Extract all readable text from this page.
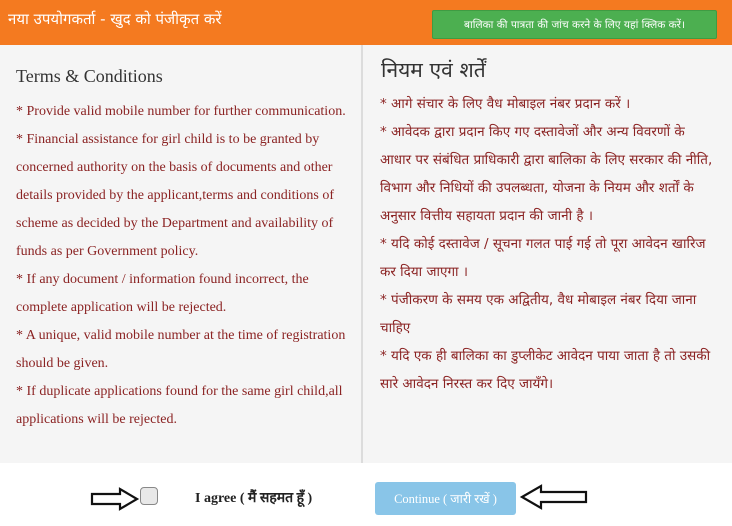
नया उपयोगकर्ता - खुद को पंजीकृत करें	बालिका की पात्रता की जांच करने के लिए यहां क्लिक करें।
Terms & Conditions
* Provide valid mobile number for further communication.
* Financial assistance for girl child is to be granted by concerned authority on the basis of documents and other details provided by the applicant,terms and conditions of scheme as decided by the Department and availability of funds as per Government policy.
* If any document / information found incorrect, the complete application will be rejected.
* A unique, valid mobile number at the time of registration should be given.
* If duplicate applications found for the same girl child,all applications will be rejected.
नियम एवं शर्तें
* आगे संचार के लिए वैध मोबाइल नंबर प्रदान करें ।
* आवेदक द्वारा प्रदान किए गए दस्तावेजों और अन्य विवरणों के आधार पर संबंधित प्राधिकारी द्वारा बालिका के लिए सरकार की नीति, विभाग और निधियों की उपलब्धता, योजना के नियम और शर्तों के अनुसार वित्तीय सहायता प्रदान की जानी है ।
* यदि कोई दस्तावेज / सूचना गलत पाई गई तो पूरा आवेदन खारिज कर दिया जाएगा ।
* पंजीकरण के समय एक अद्वितीय, वैध मोबाइल नंबर दिया जाना चाहिए
* यदि एक ही बालिका का डुप्लीकेट आवेदन पाया जाता है तो उसकी सारे आवेदन निरस्त कर दिए जायँगे।
I agree ( मैं सहमत हूँ )	Continue ( जारी रखें )
